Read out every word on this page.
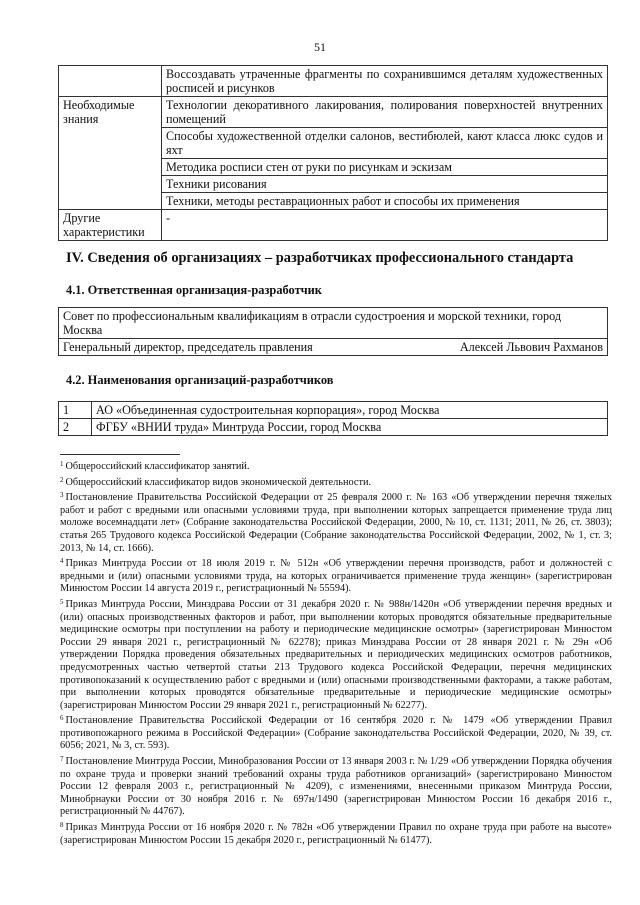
51
	Воссоздавать утраченные фрагменты по сохранившимся деталям художественных росписей и рисунков
Необходимые знания	Технологии декоративного лакирования, полирования поверхностей внутренних помещений
	Способы художественной отделки салонов, вестибюлей, кают класса люкс судов и яхт
	Методика росписи стен от руки по рисункам и эскизам
	Техники рисования
	Техники, методы реставрационных работ и способы их применения
Другие характеристики	-
IV. Сведения об организациях – разработчиках профессионального стандарта
4.1. Ответственная организация-разработчик
Совет по профессиональным квалификациям в отрасли судостроения и морской техники, город Москва

Генеральный директор, председатель правления	Алексей Львович Рахманов
4.2. Наименования организаций-разработчиков
1	АО «Объединенная судостроительная корпорация», город Москва
2	ФГБУ «ВНИИ труда» Минтруда России, город Москва

$^1$ Общероссийский классификатор занятий.

$^2$ Общероссийский классификатор видов экономической деятельности.

$^3$ Постановление Правительства Российской Федерации от 25 февраля 2000 г. № 163 «Об утверждении перечня тяжелых работ и работ с вредными или опасными условиями труда, при выполнении которых запрещается применение труда лиц моложе восемнадцати лет» (Собрание законодательства Российской Федерации, 2000, № 10, ст. 1131; 2011, № 26, ст. 3803); статья 265 Трудового кодекса Российской Федерации (Собрание законодательства Российской Федерации, 2002, № 1, ст. 3; 2013, № 14, ст. 1666).

$^4$ Приказ Минтруда России от 18 июля 2019 г. № 512н «Об утверждении перечня производств, работ и должностей с вредными и (или) опасными условиями труда, на которых ограничивается применение труда женщин» (зарегистрирован Минюстом России 14 августа 2019 г., регистрационный № 55594).

$^5$ Приказ Минтруда России, Минздрава России от 31 декабря 2020 г. № 988н/1420н «Об утверждении перечня вредных и (или) опасных производственных факторов и работ, при выполнении которых проводятся обязательные предварительные медицинские осмотры при поступлении на работу и периодические медицинские осмотры» (зарегистрирован Минюстом России 29 января 2021 г., регистрационный № 62278); приказ Минздрава России от 28 января 2021 г. № 29н «Об утверждении Порядка проведения обязательных предварительных и периодических медицинских осмотров работников, предусмотренных частью четвертой статьи 213 Трудового кодекса Российской Федерации, перечня медицинских противопоказаний к осуществлению работ с вредными и (или) опасными производственными факторами, а также работам, при выполнении которых проводятся обязательные предварительные и периодические медицинские осмотры» (зарегистрирован Минюстом России 29 января 2021 г., регистрационный № 62277).

$^6$ Постановление Правительства Российской Федерации от 16 сентября 2020 г. № 1479 «Об утверждении Правил противопожарного режима в Российской Федерации» (Собрание законодательства Российской Федерации, 2020, № 39, ст. 6056; 2021, № 3, ст. 593).

$^7$ Постановление Минтруда России, Минобразования России от 13 января 2003 г. № 1/29 «Об утверждении Порядка обучения по охране труда и проверки знаний требований охраны труда работников организаций» (зарегистрировано Минюстом России 12 февраля 2003 г., регистрационный № 4209), с изменениями, внесенными приказом Минтруда России, Минобрнауки России от 30 ноября 2016 г. № 697н/1490 (зарегистрирован Минюстом России 16 декабря 2016 г., регистрационный № 44767).

$^8$ Приказ Минтруда России от 16 ноября 2020 г. № 782н «Об утверждении Правил по охране труда при работе на высоте» (зарегистрирован Минюстом России 15 декабря 2020 г., регистрационный № 61477).
